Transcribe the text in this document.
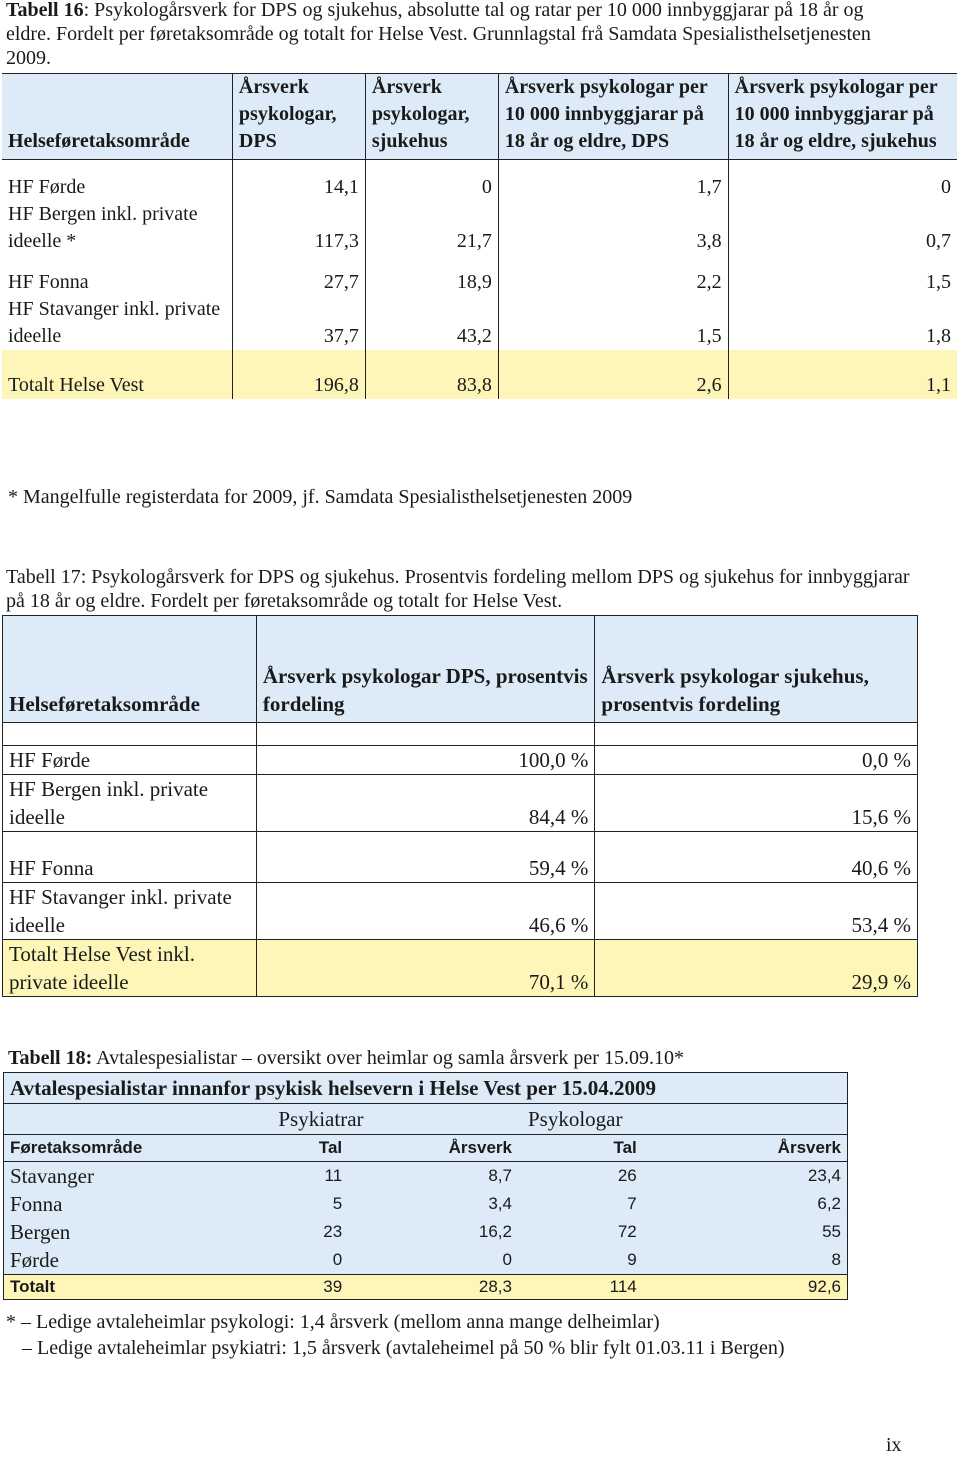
Tabell 16: Psykologårsverk for DPS og sjukehus, absolutte tal og ratar per 10 000 innbyggjarar på 18 år og eldre. Fordelt per føretaksområde og totalt for Helse Vest. Grunnlagstal frå Samdata Spesialisthelsetjenesten 2009.
Helseføretaksområde	Årsverk psykologar, DPS	Årsverk psykologar, sjukehus	Årsverk psykologar per 10 000 innbyggjarar på 18 år og eldre, DPS	Årsverk psykologar per 10 000 innbyggjarar på 18 år og eldre, sjukehus

HF Førde	14,1	0	1,7	0
HF Bergen inkl. private ideelle *	117,3	21,7	3,8	0,7

HF Fonna	27,7	18,9	2,2	1,5
HF Stavanger inkl. private ideelle	37,7	43,2	1,5	1,8
Totalt Helse Vest	196,8	83,8	2,6	1,1
* Mangelfulle registerdata for 2009, jf. Samdata Spesialisthelsetjenesten 2009
Tabell 17: Psykologårsverk for DPS og sjukehus. Prosentvis fordeling mellom DPS og sjukehus for innbyggjarar på 18 år og eldre. Fordelt per føretaksområde og totalt for Helse Vest.
Helseføretaksområde	Årsverk psykologar DPS, prosentvis fordeling	Årsverk psykologar sjukehus, prosentvis fordeling

HF Førde	100,0 %	0,0 %
HF Bergen inkl. private ideelle	84,4 %	15,6 %
HF Fonna	59,4 %	40,6 %
HF Stavanger inkl. private ideelle	46,6 %	53,4 %
Totalt Helse Vest inkl. private ideelle	70,1 %	29,9 %
Tabell 18: Avtalespesialistar – oversikt over heimlar og samla årsverk per 15.09.10*
Avtalespesialistar innanfor psykisk helsevern i Helse Vest per 15.04.2009				
	Psykiatrar		Psykologar	
Føretaksområde	Tal	Årsverk	Tal	Årsverk
Stavanger	11	8,7	26	23,4
Fonna	5	3,4	7	6,2
Bergen	23	16,2	72	55
Førde	0	0	9	8
Totalt	39	28,3	114	92,6
* – Ledige avtaleheimlar psykologi: 1,4 årsverk (mellom anna mange delheimlar)
– Ledige avtaleheimlar psykiatri: 1,5 årsverk (avtaleheimel på 50 % blir fylt 01.03.11 i Bergen)
ix
